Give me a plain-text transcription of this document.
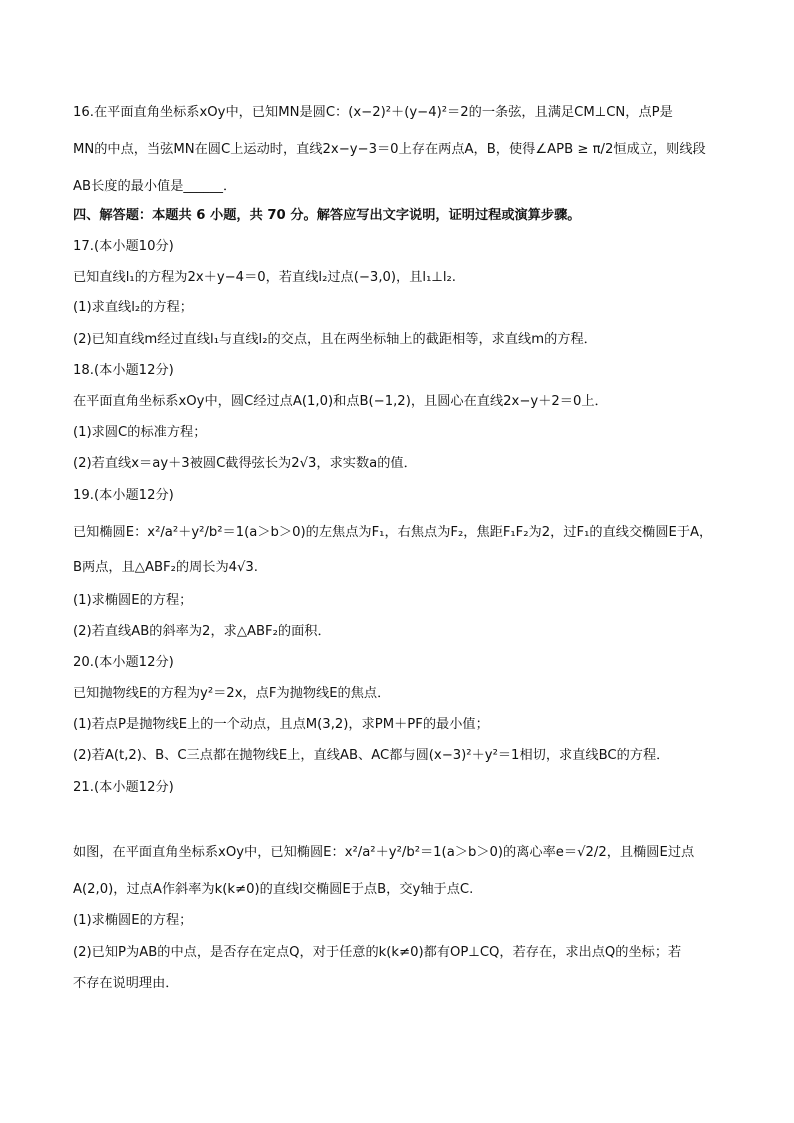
16.在平面直角坐标系xOy中，已知MN是圆C：(x−2)²＋(y−4)²＝2的一条弦，且满足CM⊥CN，点P是
MN的中点，当弦MN在圆C上运动时，直线2x−y−3＝0上存在两点A，B，使得∠APB ≥ π/2恒成立，则线段
AB长度的最小值是______．
四、解答题：本题共 6 小题，共 70 分。解答应写出文字说明，证明过程或演算步骤。
17.(本小题10分)
已知直线l₁的方程为2x＋y−4＝0，若直线l₂过点(−3,0)，且l₁⊥l₂.
(1)求直线l₂的方程；
(2)已知直线m经过直线l₁与直线l₂的交点，且在两坐标轴上的截距相等，求直线m的方程．
18.(本小题12分)
在平面直角坐标系xOy中，圆C经过点A(1,0)和点B(−1,2)，且圆心在直线2x−y＋2＝0上．
(1)求圆C的标准方程；
(2)若直线x＝ay＋3被圆C截得弦长为2√3，求实数a的值．
19.(本小题12分)
已知椭圆E：x²/a²＋y²/b²＝1(a＞b＞0)的左焦点为F₁，右焦点为F₂，焦距F₁F₂为2，过F₁的直线交椭圆E于A，
B两点，且△ABF₂的周长为4√3.
(1)求椭圆E的方程；
(2)若直线AB的斜率为2，求△ABF₂的面积．
20.(本小题12分)
已知抛物线E的方程为y²＝2x，点F为抛物线E的焦点．
(1)若点P是抛物线E上的一个动点，且点M(3,2)，求PM＋PF的最小值；
(2)若A(t,2)、B、C三点都在抛物线E上，直线AB、AC都与圆(x−3)²＋y²＝1相切，求直线BC的方程．
21.(本小题12分)
如图，在平面直角坐标系xOy中，已知椭圆E：x²/a²＋y²/b²＝1(a＞b＞0)的离心率e＝√2/2，且椭圆E过点
A(2,0)，过点A作斜率为k(k≠0)的直线l交椭圆E于点B，交y轴于点C.
(1)求椭圆E的方程；
(2)已知P为AB的中点，是否存在定点Q，对于任意的k(k≠0)都有OP⊥CQ，若存在，求出点Q的坐标；若
不存在说明理由．
